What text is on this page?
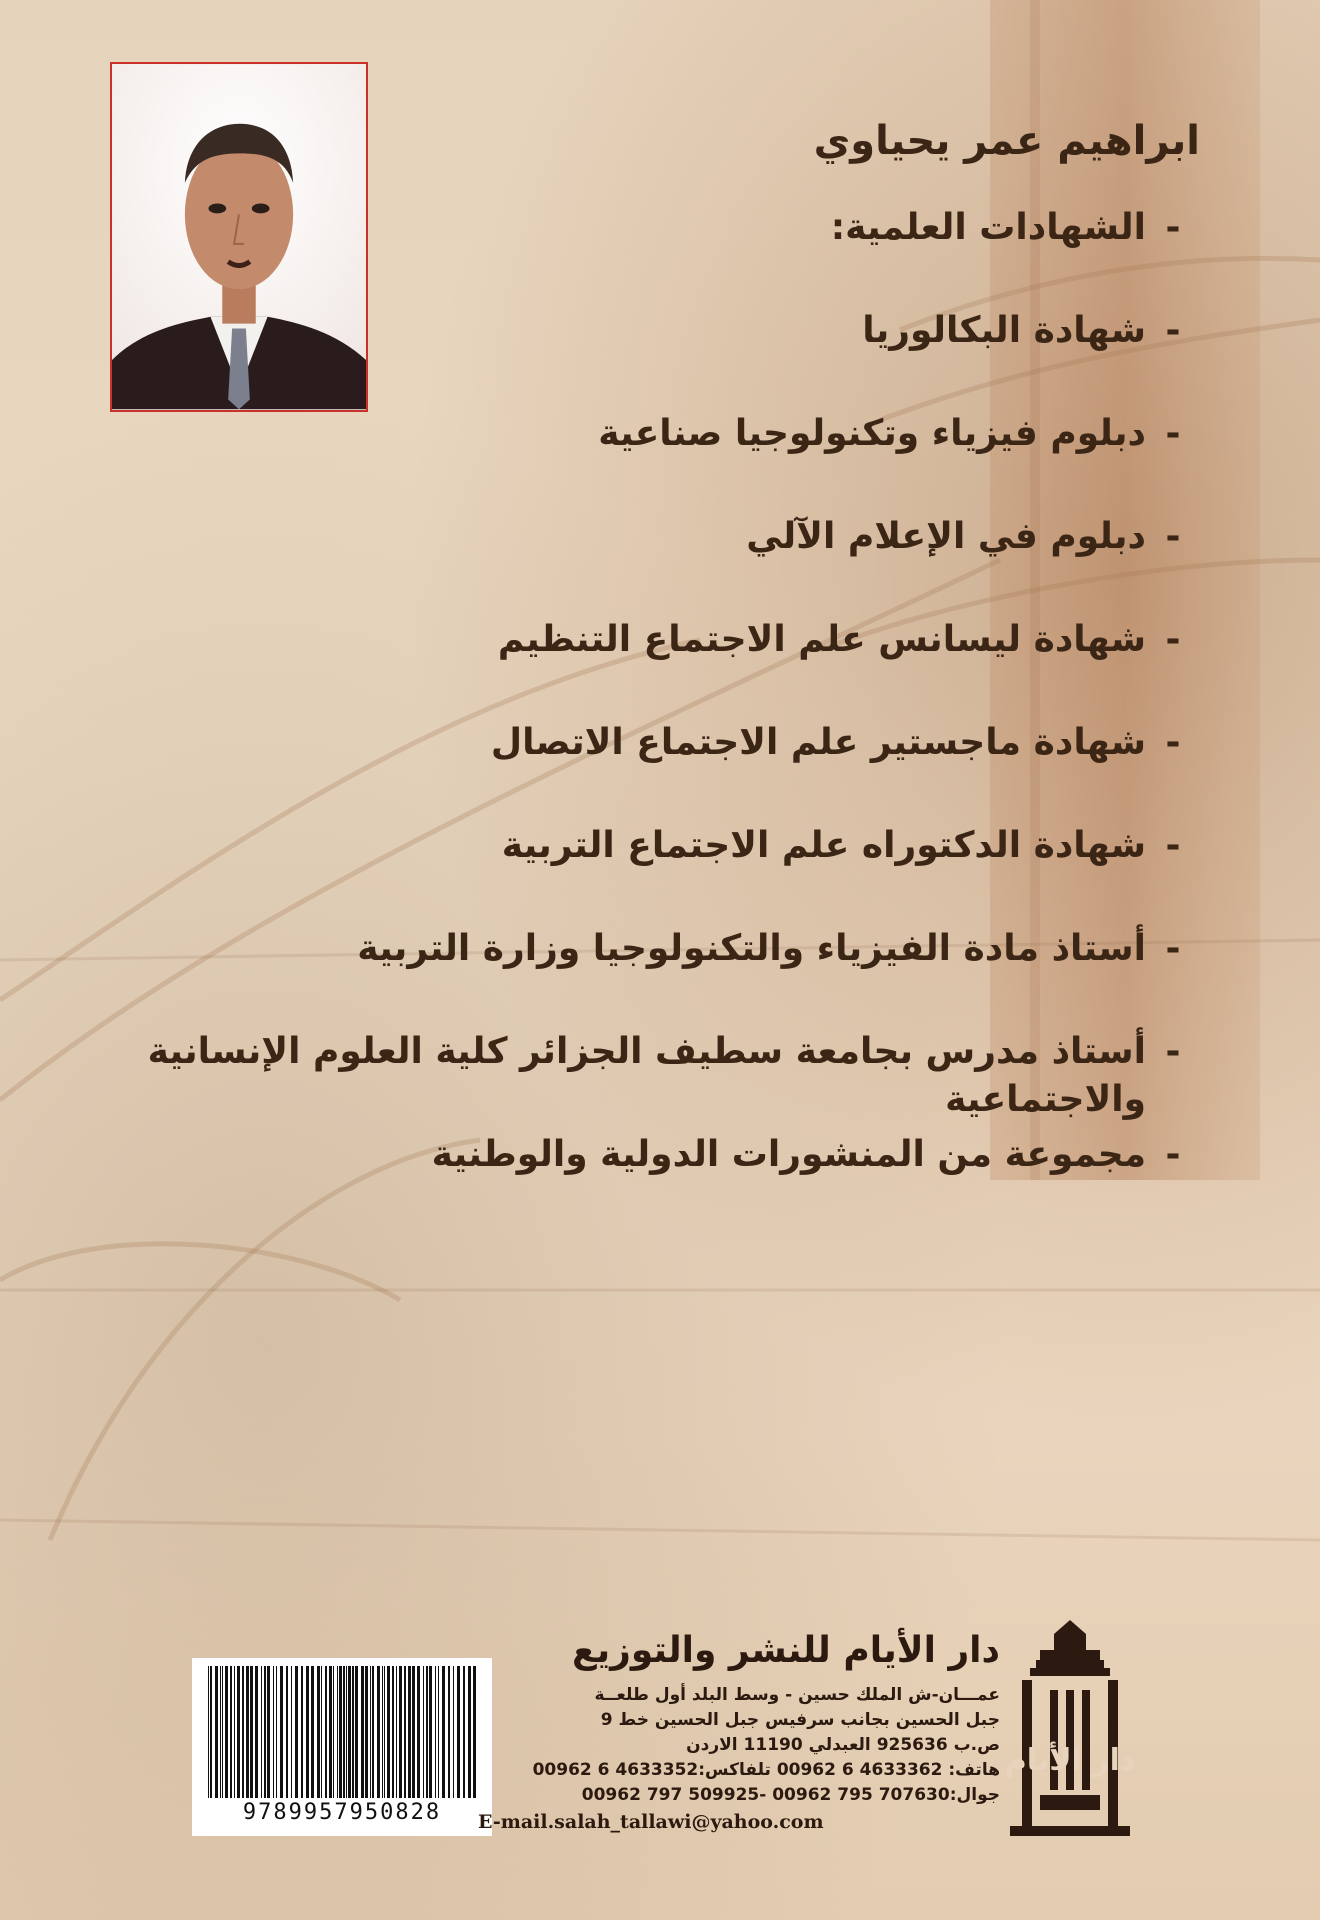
ابراهيم عمر يحياوي
-
الشهادات العلمية:
-
شهادة البكالوريا
-
دبلوم فيزياء وتكنولوجيا صناعية
-
دبلوم في الإعلام الآلي
-
شهادة ليسانس علم الاجتماع التنظيم
-
شهادة ماجستير علم الاجتماع الاتصال
-
شهادة الدكتوراه علم الاجتماع التربية
-
أستاذ مادة الفيزياء والتكنولوجيا وزارة التربية
-
أستاذ مدرس بجامعة سطيف الجزائر كلية العلوم الإنسانية والاجتماعية
-
مجموعة من المنشورات الدولية والوطنية
9789957950828
دار الأيام للنشر والتوزيع
عمـــان-ش الملك حسين - وسط البلد أول طلعــة
جبل الحسين بجانب سرفيس جبل الحسين خط 9
ص.ب 925636 العبدلي 11190 الاردن
هاتف: 4633362 6 00962 تلفاكس:4633352 6 00962
جوال:707630 795 00962 -509925 797 00962
E-mail.salah_tallawi@yahoo.com
دار الأيام
